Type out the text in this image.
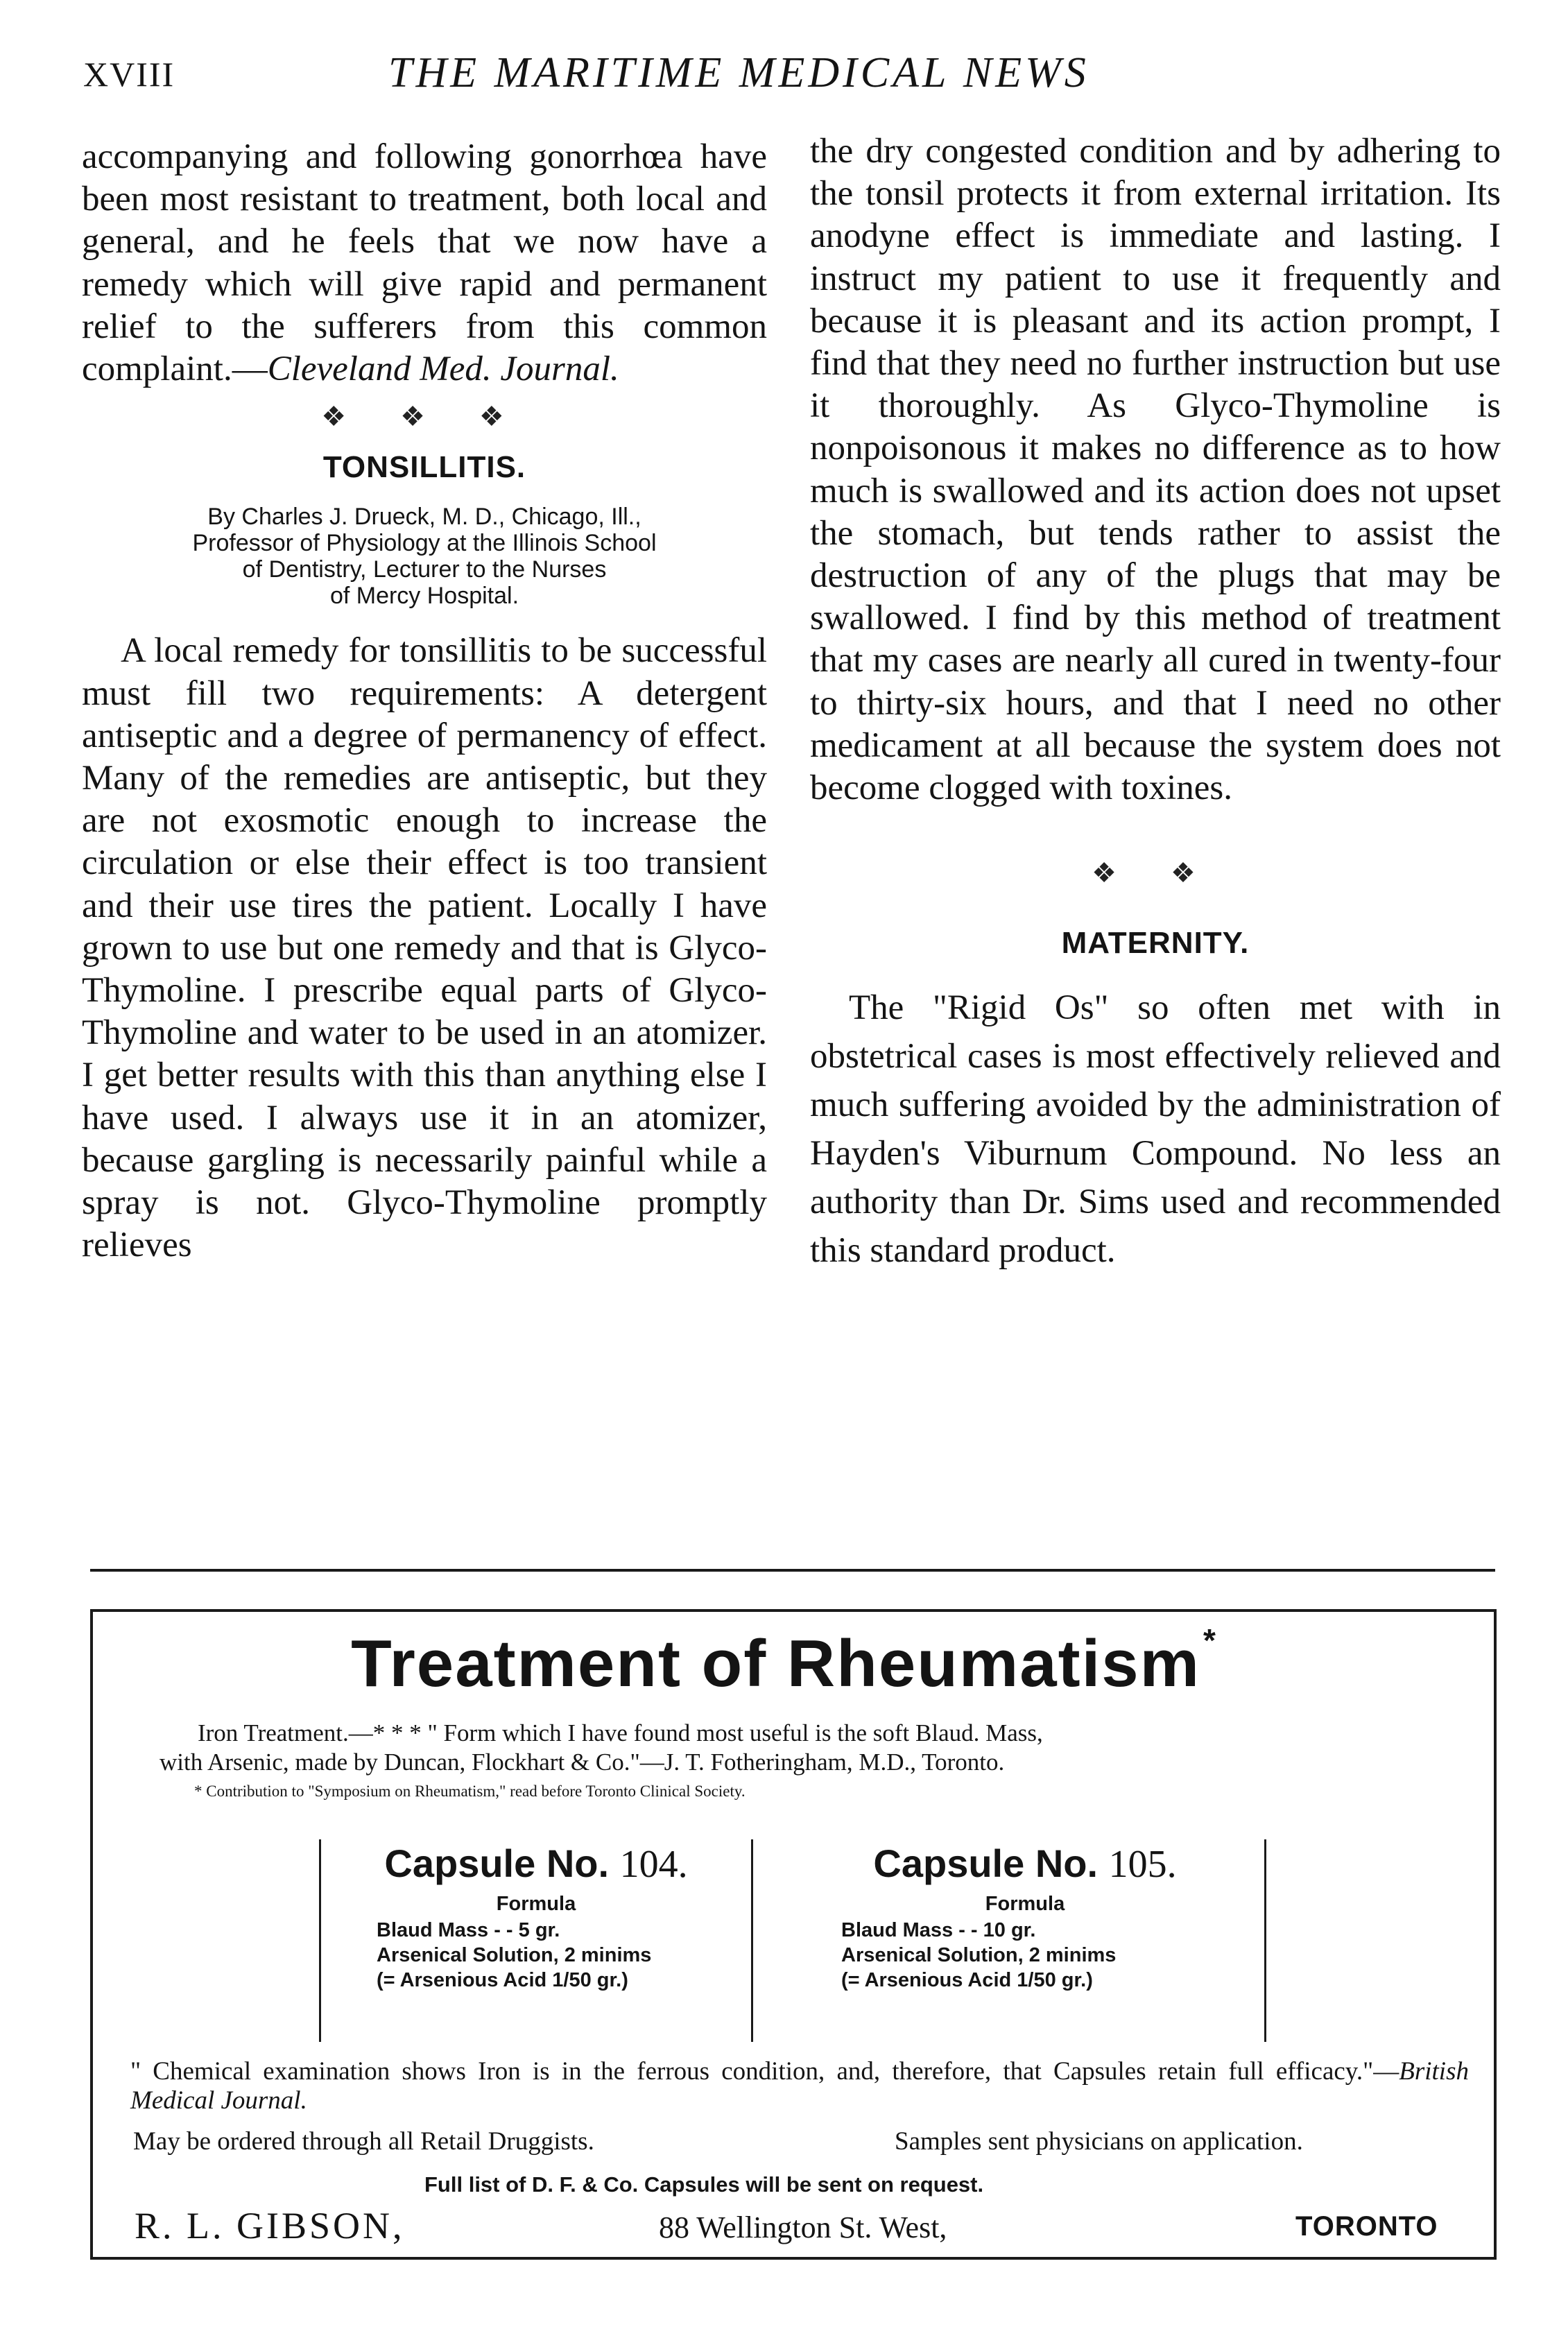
XVIII	THE MARITIME MEDICAL NEWS

accompanying and following gonorrhœa have been most resistant to treatment, both local and general, and he feels that we now have a remedy which will give rapid and permanent relief to the sufferers from this common complaint.—Cleveland Med. Journal.

❖ ❖ ❖
TONSILLITIS.
By Charles J. Drueck, M. D., Chicago, Ill.,
Professor of Physiology at the Illinois School
of Dentistry, Lecturer to the Nurses
of Mercy Hospital.

A local remedy for tonsillitis to be successful must fill two requirements: A detergent antiseptic and a degree of permanency of effect. Many of the remedies are antiseptic, but they are not exosmotic enough to increase the circulation or else their effect is too transient and their use tires the patient. Locally I have grown to use but one remedy and that is Glyco-Thymoline. I prescribe equal parts of Glyco-Thymoline and water to be used in an atomizer. I get better results with this than anything else I have used. I always use it in an atomizer, because gargling is necessarily painful while a spray is not. Glyco-Thymoline promptly relieves

the dry congested condition and by adhering to the tonsil protects it from external irritation. Its anodyne effect is immediate and lasting. I instruct my patient to use it frequently and because it is pleasant and its action prompt, I find that they need no further instruction but use it thoroughly. As Glyco-Thymoline is nonpoisonous it makes no difference as to how much is swallowed and its action does not upset the stomach, but tends rather to assist the destruction of any of the plugs that may be swallowed. I find by this method of treatment that my cases are nearly all cured in twenty-four to thirty-six hours, and that I need no other medicament at all because the system does not become clogged with toxines.

❖ ❖
MATERNITY.

The "Rigid Os" so often met with in obstetrical cases is most effectively relieved and much suffering avoided by the administration of Hayden's Viburnum Compound. No less an authority than Dr. Sims used and recommended this standard product.

Treatment of Rheumatism*
Iron Treatment.—* * * " Form which I have found most useful is the soft Blaud. Mass,
with Arsenic, made by Duncan, Flockhart & Co."—J. T. Fotheringham, M.D., Toronto.
* Contribution to "Symposium on Rheumatism," read before Toronto Clinical Society.
Capsule No. 104.
Formula
Blaud Mass - - 5 gr.
Arsenical Solution, 2 minims
(= Arsenious Acid 1/50 gr.)
Capsule No. 105.
Formula
Blaud Mass - - 10 gr.
Arsenical Solution, 2 minims
(= Arsenious Acid 1/50 gr.)
" Chemical examination shows Iron is in the ferrous condition, and, therefore, that Capsules retain full efficacy."—British Medical Journal.
May be ordered through all Retail Druggists.	Samples sent physicians on application.
Full list of D. F. & Co. Capsules will be sent on request.
R. L. GIBSON,	88 Wellington St. West,	TORONTO
